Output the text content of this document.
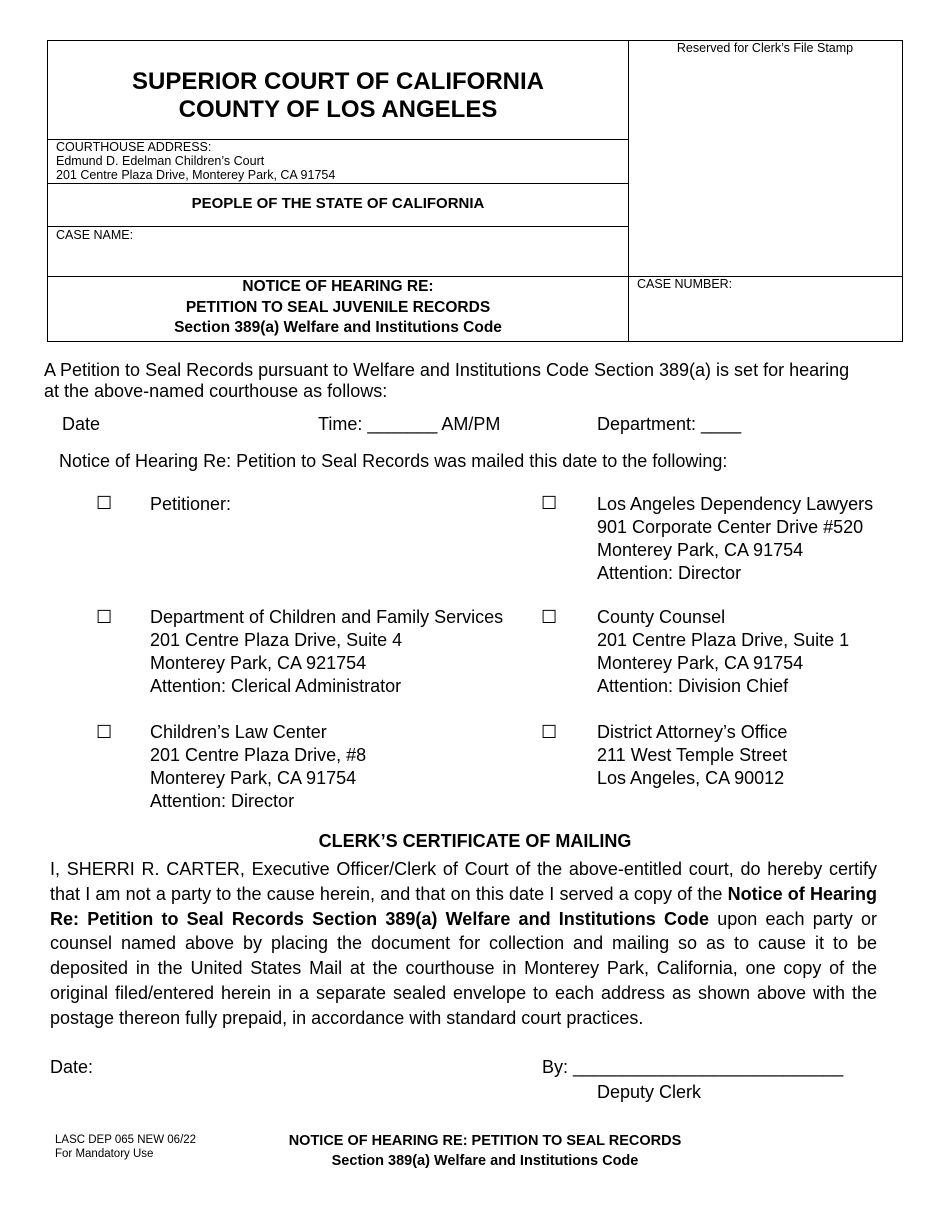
SUPERIOR COURT OF CALIFORNIA
COUNTY OF LOS ANGELES
Reserved for Clerk’s File Stamp
COURTHOUSE ADDRESS:
Edmund D. Edelman Children’s Court
201 Centre Plaza Drive, Monterey Park, CA 91754
PEOPLE OF THE STATE OF CALIFORNIA
CASE NAME:
CASE NUMBER:
NOTICE OF HEARING RE:
PETITION TO SEAL JUVENILE RECORDS
Section 389(a) Welfare and Institutions Code
A Petition to Seal Records pursuant to Welfare and Institutions Code Section 389(a) is set for hearing
at the above-named courthouse as follows:
Date	Time: _______ AM/PM	Department: ____
Notice of Hearing Re: Petition to Seal Records was mailed this date to the following:
☐ Petitioner:	☐ Los Angeles Dependency Lawyers
901 Corporate Center Drive #520
Monterey Park, CA 91754
Attention: Director
☐ Department of Children and Family Services
201 Centre Plaza Drive, Suite 4
Monterey Park, CA 921754
Attention: Clerical Administrator
☐ County Counsel
201 Centre Plaza Drive, Suite 1
Monterey Park, CA 91754
Attention: Division Chief
☐ Children’s Law Center
201 Centre Plaza Drive, #8
Monterey Park, CA 91754
Attention: Director
☐ District Attorney’s Office
211 West Temple Street
Los Angeles, CA 90012
CLERK’S CERTIFICATE OF MAILING
I, SHERRI R. CARTER, Executive Officer/Clerk of Court of the above-entitled court, do hereby certify that I am not a party to the cause herein, and that on this date I served a copy of the Notice of Hearing Re: Petition to Seal Records Section 389(a) Welfare and Institutions Code upon each party or counsel named above by placing the document for collection and mailing so as to cause it to be deposited in the United States Mail at the courthouse in Monterey Park, California, one copy of the original filed/entered herein in a separate sealed envelope to each address as shown above with the postage thereon fully prepaid, in accordance with standard court practices.
Date:	By: ___________________________
Deputy Clerk
LASC DEP 065 NEW 06/22
For Mandatory Use
NOTICE OF HEARING RE: PETITION TO SEAL RECORDS
Section 389(a) Welfare and Institutions Code
